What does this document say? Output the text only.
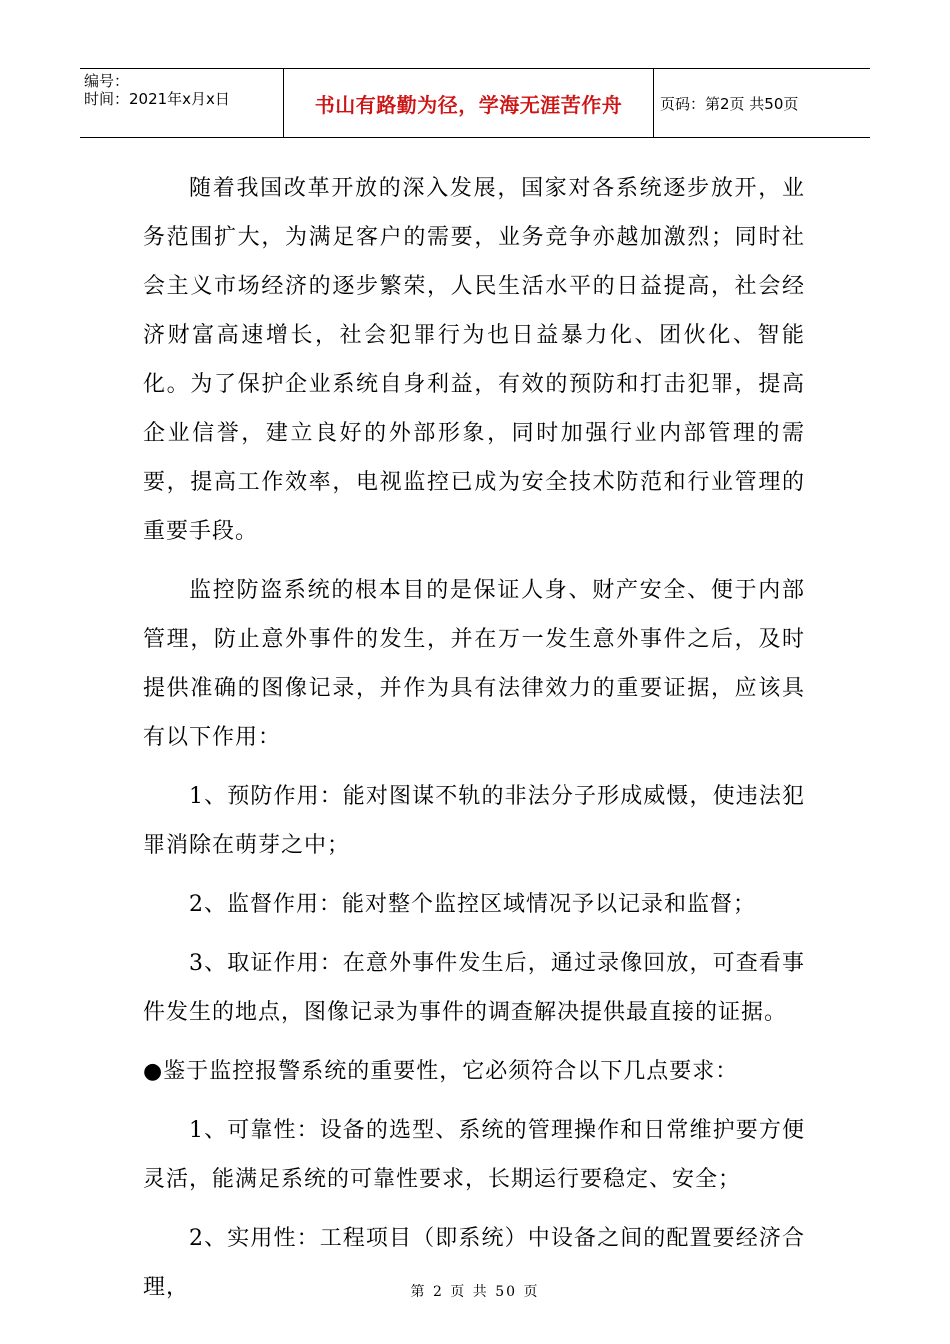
编号：
时间：2021年x月x日	书山有路勤为径，学海无涯苦作舟	页码：第2页 共50页

随着我国改革开放的深入发展，国家对各系统逐步放开，业务范围扩大，为满足客户的需要，业务竞争亦越加激烈；同时社会主义市场经济的逐步繁荣，人民生活水平的日益提高，社会经济财富高速增长，社会犯罪行为也日益暴力化、团伙化、智能化。为了保护企业系统自身利益，有效的预防和打击犯罪，提高企业信誉，建立良好的外部形象，同时加强行业内部管理的需要，提高工作效率，电视监控已成为安全技术防范和行业管理的重要手段。

监控防盗系统的根本目的是保证人身、财产安全、便于内部管理，防止意外事件的发生，并在万一发生意外事件之后，及时提供准确的图像记录，并作为具有法律效力的重要证据，应该具有以下作用：

1、预防作用：能对图谋不轨的非法分子形成威慑，使违法犯罪消除在萌芽之中；

2、监督作用：能对整个监控区域情况予以记录和监督；

3、取证作用：在意外事件发生后，通过录像回放，可查看事件发生的地点，图像记录为事件的调查解决提供最直接的证据。

●鉴于监控报警系统的重要性，它必须符合以下几点要求：

1、可靠性：设备的选型、系统的管理操作和日常维护要方便灵活，能满足系统的可靠性要求，长期运行要稳定、安全；

2、实用性：工程项目（即系统）中设备之间的配置要经济合理，	第 2 页 共 50 页
